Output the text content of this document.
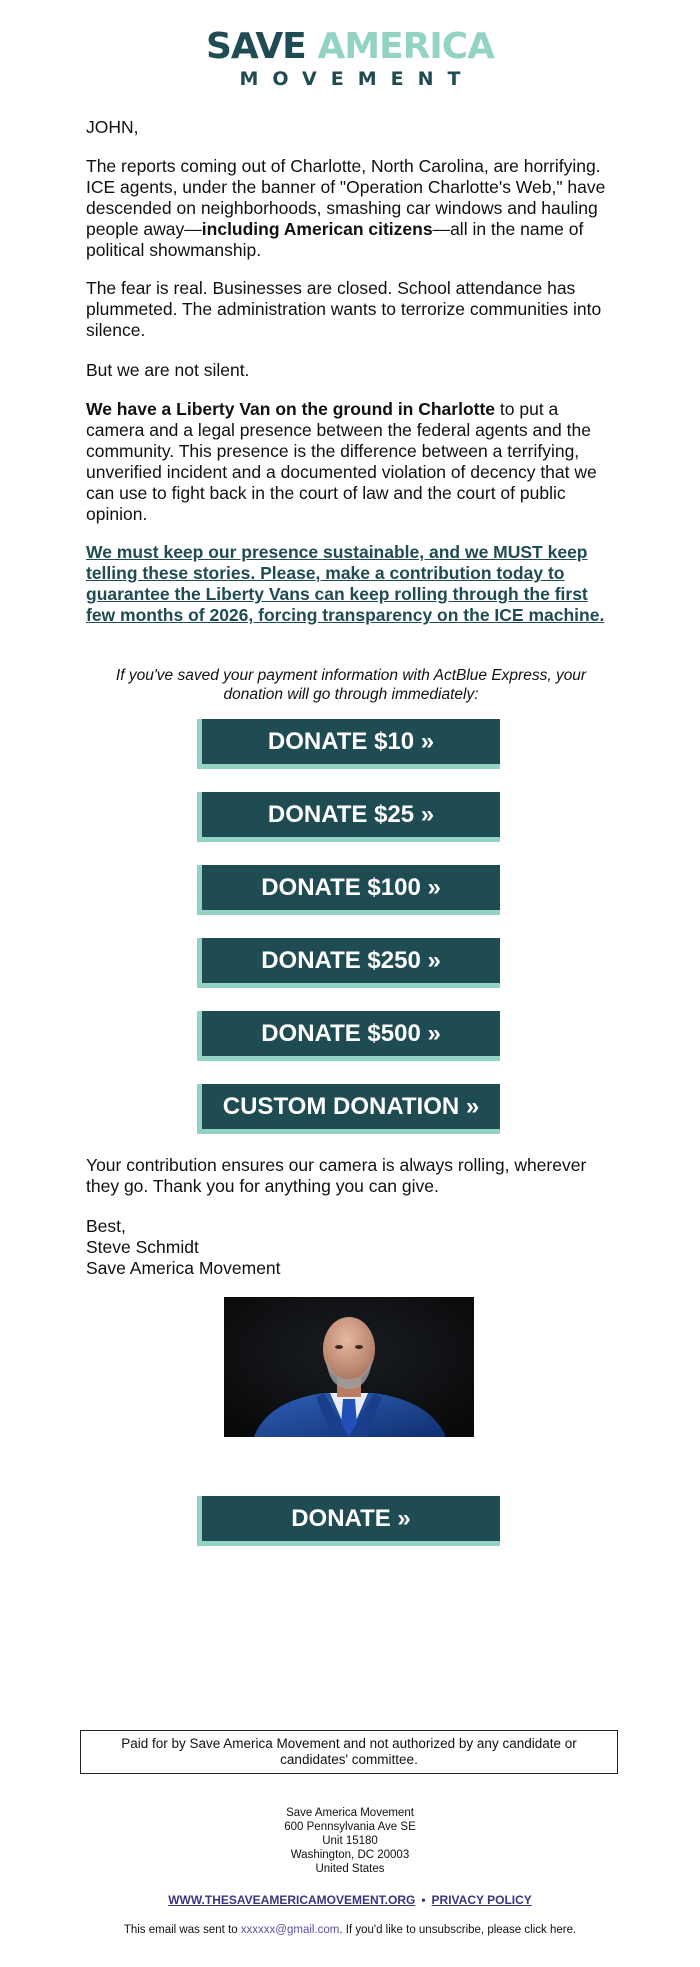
SAVE AMERICA
MOVEMENT
JOHN,

The reports coming out of Charlotte, North Carolina, are horrifying. ICE agents, under the banner of "Operation Charlotte's Web," have descended on neighborhoods, smashing car windows and hauling people away—including American citizens—all in the name of political showmanship.

The fear is real. Businesses are closed. School attendance has plummeted. The administration wants to terrorize communities into silence.
But we are not silent.

We have a Liberty Van on the ground in Charlotte to put a camera and a legal presence between the federal agents and the community. This presence is the difference between a terrifying, unverified incident and a documented violation of decency that we can use to fight back in the court of law and the court of public opinion.

We must keep our presence sustainable, and we MUST keep telling these stories. Please, make a contribution today to guarantee the Liberty Vans can keep rolling through the first few months of 2026, forcing transparency on the ICE machine.

If you've saved your payment information with ActBlue Express, your donation will go through immediately:
DONATE $10 »
DONATE $25 »
DONATE $100 »
DONATE $250 »
DONATE $500 »
CUSTOM DONATION »
Your contribution ensures our camera is always rolling, wherever they go. Thank you for anything you can give.
Best,
Steve Schmidt
Save America Movement
DONATE »
Paid for by Save America Movement and not authorized by any candidate or candidates' committee.
Save America Movement
600 Pennsylvania Ave SE
Unit 15180
Washington, DC 20003
United States
WWW.THESAVEAMERICAMOVEMENT.ORG • PRIVACY POLICY
This email was sent to xxxxxx@gmail.com. If you'd like to unsubscribe, please click here.
